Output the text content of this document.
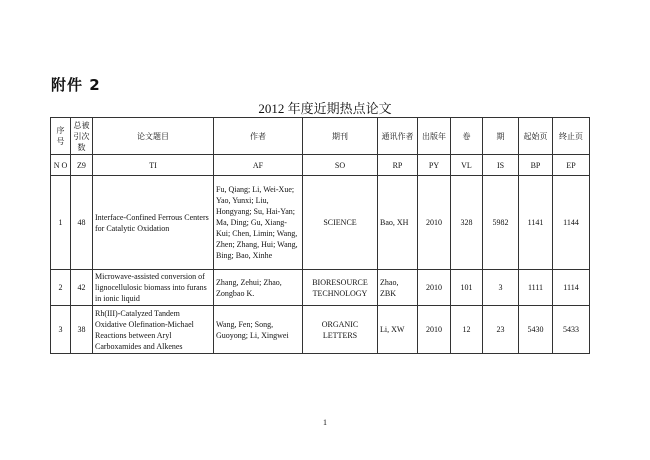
附件 2
2012 年度近期热点论文
序号	总被引次数	论文题目	作者	期刊	通讯作者	出版年	卷	期	起始页	终止页
N O	Z9	TI	AF	SO	RP	PY	VL	IS	BP	EP
1	48	Interface-Confined Ferrous Centers for Catalytic Oxidation	Fu, Qiang; Li, Wei-Xue; Yao, Yunxi; Liu, Hongyang; Su, Hai-Yan; Ma, Ding; Gu, Xiang-Kui; Chen, Limin; Wang, Zhen; Zhang, Hui; Wang, Bing; Bao, Xinhe	SCIENCE	Bao, XH	2010	328	5982	1141	1144
2	42	Microwave-assisted conversion of lignocellulosic biomass into furans in ionic liquid	Zhang, Zehui; Zhao, Zongbao K.	BIORESOURCE TECHNOLOGY	Zhao, ZBK	2010	101	3	1111	1114
3	38	Rh(III)-Catalyzed Tandem Oxidative Olefination-Michael Reactions between Aryl Carboxamides and Alkenes	Wang, Fen; Song, Guoyong; Li, Xingwei	ORGANIC LETTERS	Li, XW	2010	12	23	5430	5433
1
